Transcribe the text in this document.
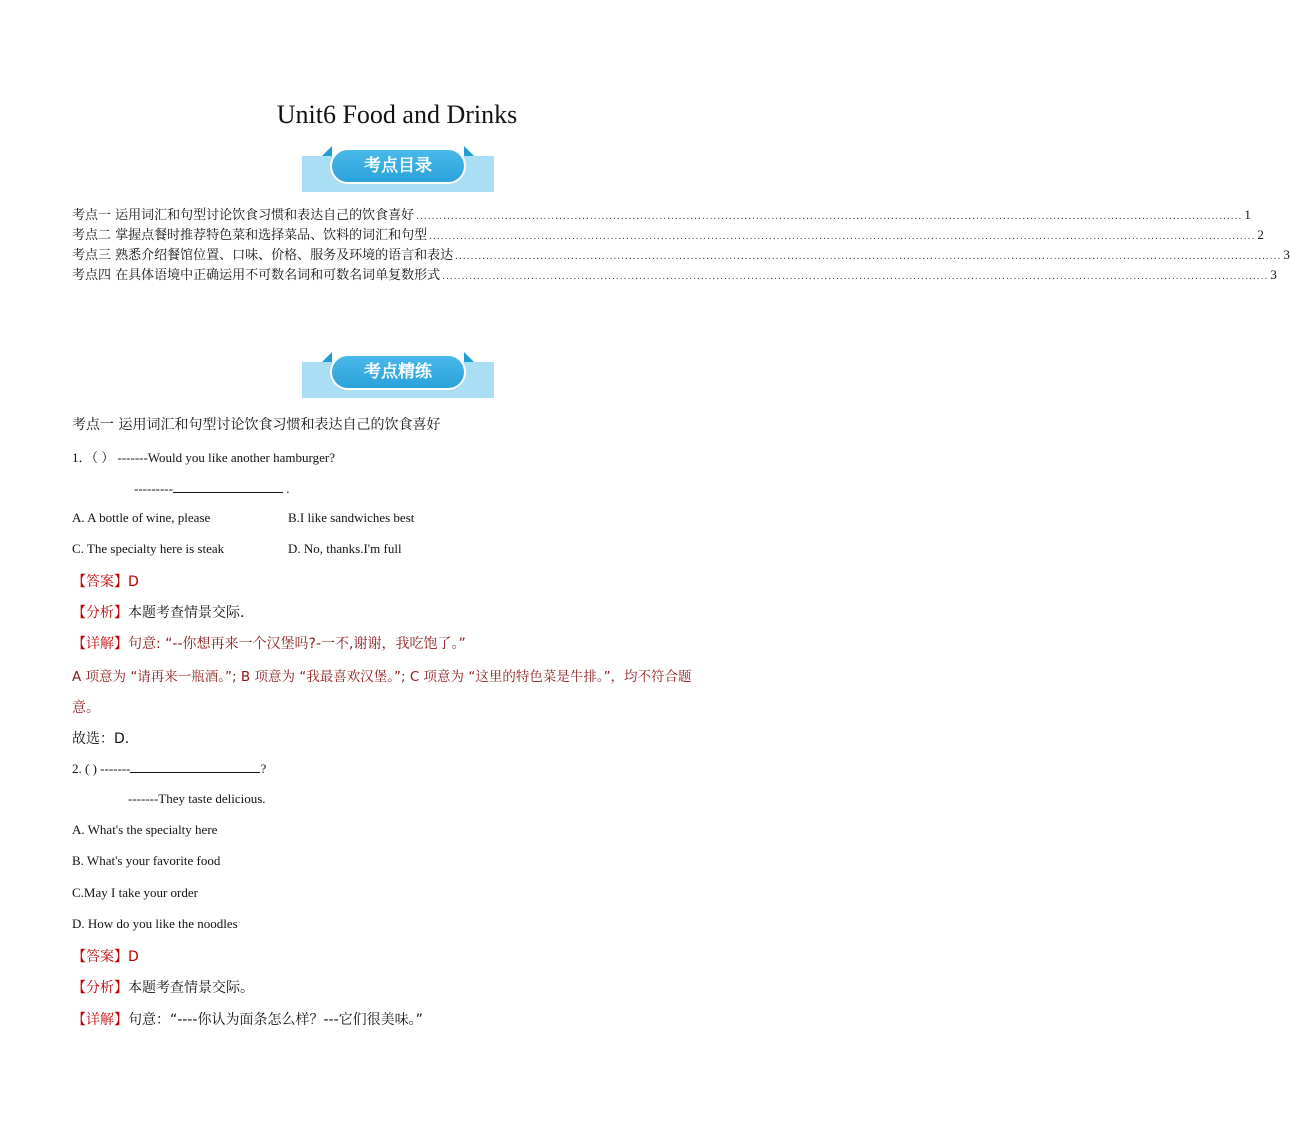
Unit6 Food and Drinks
考点目录
考点一 运用词汇和句型讨论饮食习惯和表达自己的饮食喜好 ...................................................................................................................................................................................................................... 1
考点二 掌握点餐时推荐特色菜和选择菜品、饮料的词汇和句型 ...................................................................................................................................................................................................................... 2
考点三 熟悉介绍餐馆位置、口味、价格、服务及环境的语言和表达 ...................................................................................................................................................................................................................... 3
考点四 在具体语境中正确运用不可数名词和可数名词单复数形式 ...................................................................................................................................................................................................................... 3
考点精练
考点一 运用词汇和句型讨论饮食习惯和表达自己的饮食喜好
1．（ ） -------Would you like another hamburger?
---------	.
A. A bottle of wine, please	B.I like sandwiches best
C. The specialty here is steak	D. No, thanks.I'm full
【答案】D
【分析】本题考查情景交际．
【详解】句意: “--你想再来一个汉堡吗?-一不,谢谢，我吃饱了。”
A 项意为 “请再来一瓶酒。”; B 项意为 “我最喜欢汉堡。”; C 项意为 “这里的特色菜是牛排。”，均不符合题
意。
故选：D．
2. ( ) -------	?
-------They taste delicious.
A. What's the specialty here
B. What's your favorite food
C.May I take your order
D. How do you like the noodles
【答案】D
【分析】本题考查情景交际。
【详解】句意：“----你认为面条怎么样？---它们很美味。”
